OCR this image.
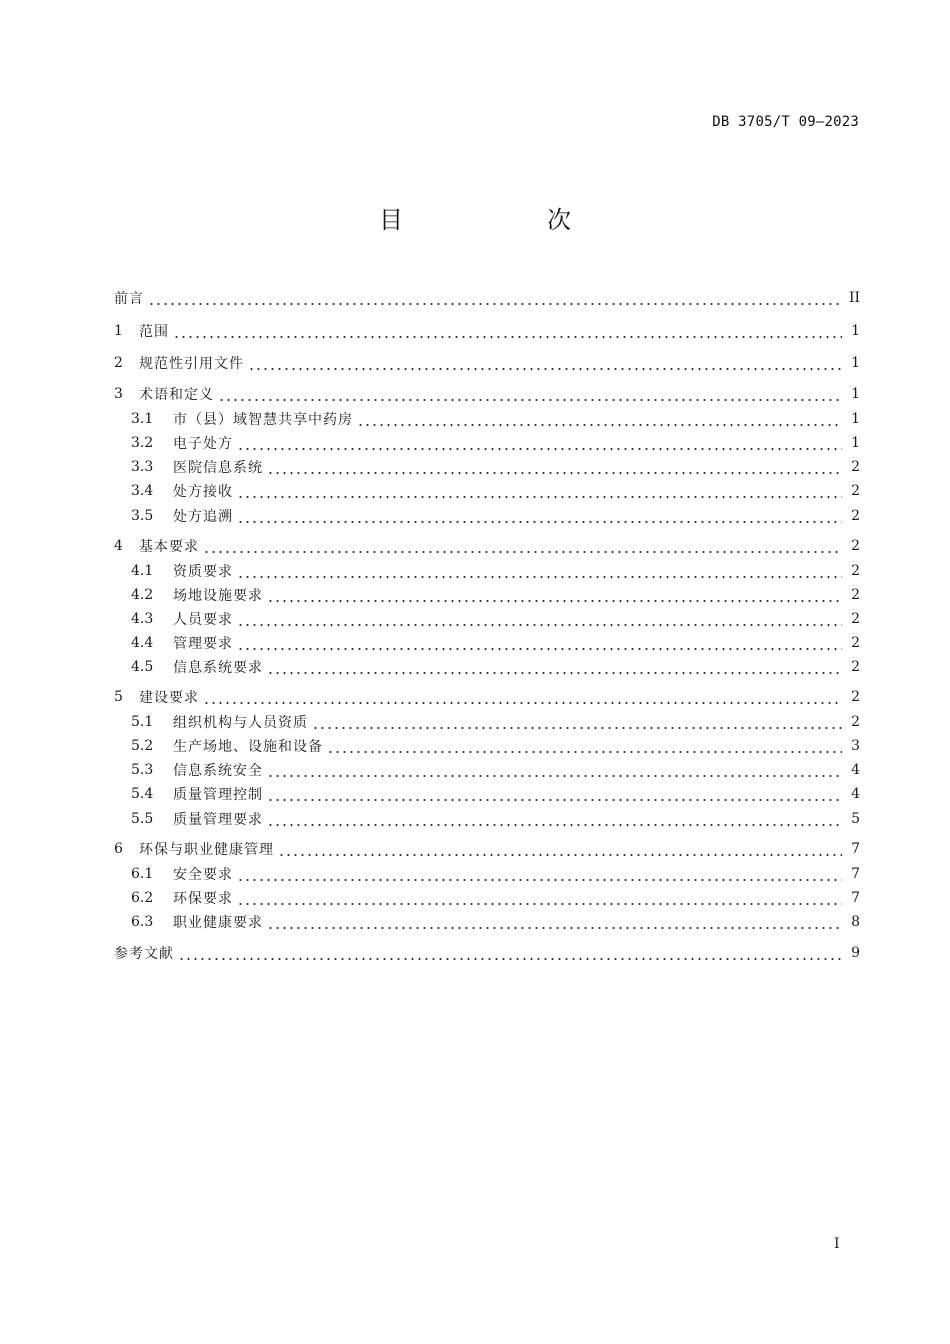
DB 3705/T 09—2023
目　次
前言	II
1	范围	1
2	规范性引用文件	1
3	术语和定义	1
3.1	市（县）域智慧共享中药房	1
3.2	电子处方	1
3.3	医院信息系统	2
3.4	处方接收	2
3.5	处方追溯	2
4	基本要求	2
4.1	资质要求	2
4.2	场地设施要求	2
4.3	人员要求	2
4.4	管理要求	2
4.5	信息系统要求	2
5	建设要求	2
5.1	组织机构与人员资质	2
5.2	生产场地、设施和设备	3
5.3	信息系统安全	4
5.4	质量管理控制	4
5.5	质量管理要求	5
6	环保与职业健康管理	7
6.1	安全要求	7
6.2	环保要求	7
6.3	职业健康要求	8
参考文献	9
I
